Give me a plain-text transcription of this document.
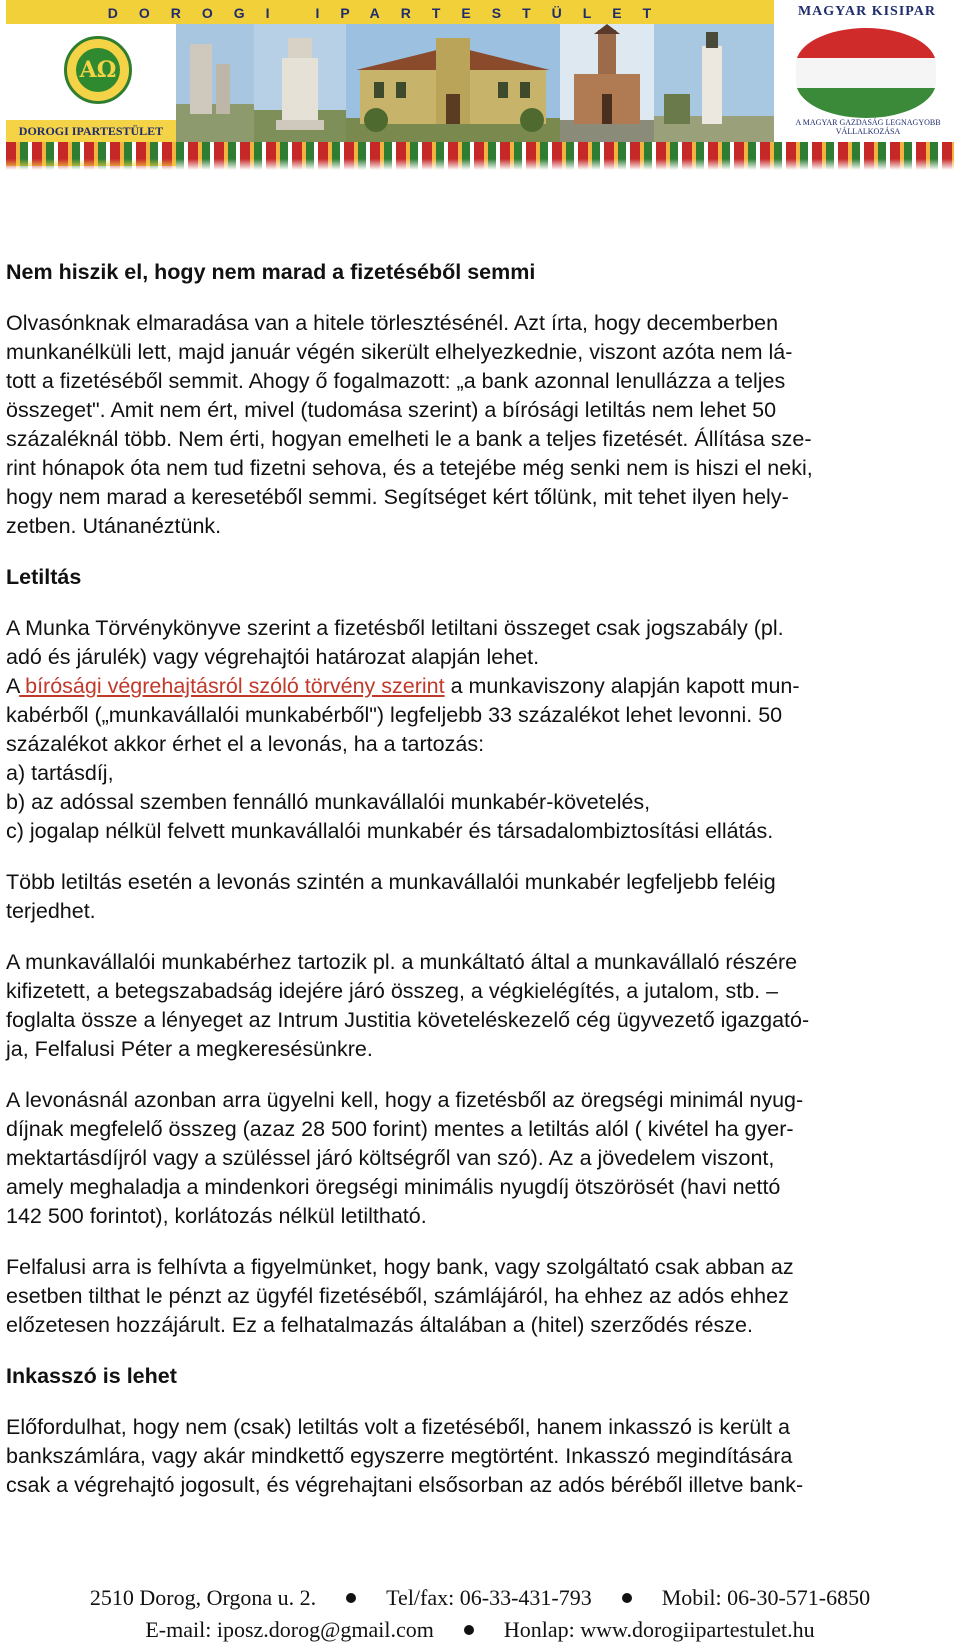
DOROGI IPARTESTÜLET
AΩ
DOROGI IPARTESTÜLET
MAGYAR KISIPAR
A MAGYAR GAZDASÁG LEGNAGYOBB VÁLLALKOZÁSA
Nem hiszik el, hogy nem marad a fizetéséből semmi

Olvasónknak elmaradása van a hitele törlesztésénél. Azt írta, hogy decemberben

munkanélküli lett, majd január végén sikerült elhelyezkednie, viszont azóta nem lá-

tott a fizetéséből semmit. Ahogy ő fogalmazott: „a bank azonnal lenullázza a teljes

összeget". Amit nem ért, mivel (tudomása szerint) a bírósági letiltás nem lehet 50

százaléknál több. Nem érti, hogyan emelheti le a bank a teljes fizetését. Állítása sze-

rint hónapok óta nem tud fizetni sehova, és a tetejébe még senki nem is hiszi el neki,

hogy nem marad a keresetéből semmi. Segítséget kért tőlünk, mit tehet ilyen hely-

zetben. Utánanéztünk.

Letiltás

A Munka Törvénykönyve szerint a fizetésből letiltani összeget csak jogszabály (pl.

adó és járulék) vagy végrehajtói határozat alapján lehet.

A bírósági végrehajtásról szóló törvény szerint a munkaviszony alapján kapott mun-

kabérből („munkavállalói munkabérből") legfeljebb 33 százalékot lehet levonni. 50

százalékot akkor érhet el a levonás, ha a tartozás:

a) tartásdíj,

b) az adóssal szemben fennálló munkavállalói munkabér-követelés,

c) jogalap nélkül felvett munkavállalói munkabér és társadalombiztosítási ellátás.

Több letiltás esetén a levonás szintén a munkavállalói munkabér legfeljebb feléig

terjedhet.

A munkavállalói munkabérhez tartozik pl. a munkáltató által a munkavállaló részére

kifizetett, a betegszabadság idejére járó összeg, a végkielégítés, a jutalom, stb. –

foglalta össze a lényeget az Intrum Justitia követeléskezelő cég ügyvezető igazgató-

ja, Felfalusi Péter a megkeresésünkre.

A levonásnál azonban arra ügyelni kell, hogy a fizetésből az öregségi minimál nyug-

díjnak megfelelő összeg (azaz 28 500 forint) mentes a letiltás alól ( kivétel ha gyer-

mektartásdíjról vagy a szüléssel járó költségről van szó). Az a jövedelem viszont,

amely meghaladja a mindenkori öregségi minimális nyugdíj ötszörösét (havi nettó

142 500 forintot), korlátozás nélkül letiltható.

Felfalusi arra is felhívta a figyelmünket, hogy bank, vagy szolgáltató csak abban az

esetben tilthat le pénzt az ügyfél fizetéséből, számlájáról, ha ehhez az adós ehhez

előzetesen hozzájárult. Ez a felhatalmazás általában a (hitel) szerződés része.

Inkasszó is lehet

Előfordulhat, hogy nem (csak) letiltás volt a fizetéséből, hanem inkasszó is került a

bankszámlára, vagy akár mindkettő egyszerre megtörtént. Inkasszó megindítására

csak a végrehajtó jogosult, és végrehajtani elsősorban az adós béréből illetve bank-

2510 Dorog, Orgona u. 2.	Tel/fax: 06-33-431-793	Mobil: 06-30-571-6850
E-mail: iposz.dorog@gmail.com	Honlap: www.dorogiipartestulet.hu
